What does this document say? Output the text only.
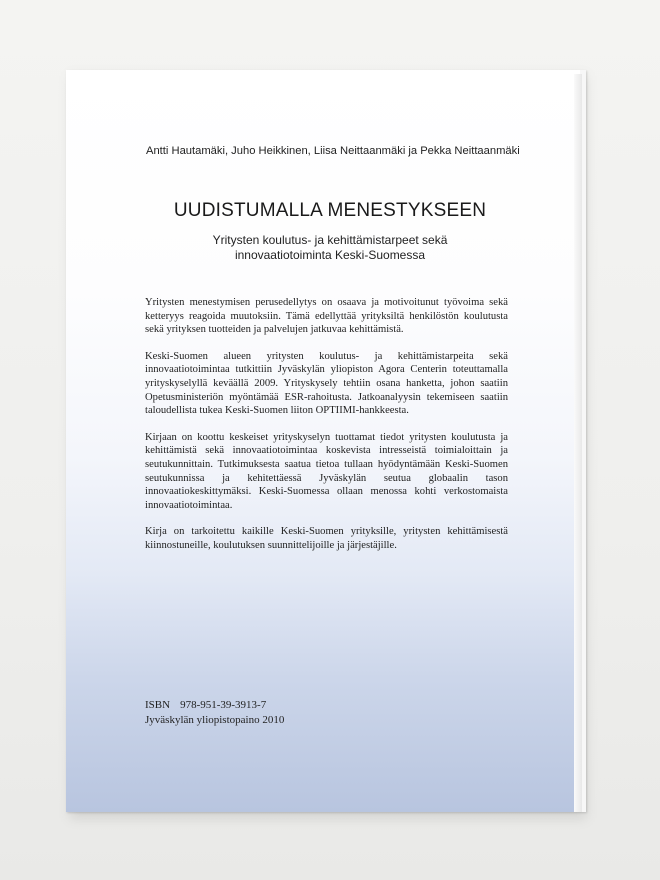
Antti Hautamäki, Juho Heikkinen, Liisa Neittaanmäki ja Pekka Neittaanmäki
UUDISTUMALLA MENESTYKSEEN
Yritysten koulutus- ja kehittämistarpeet sekä
innovaatiotoiminta Keski-Suomessa

Yritysten menestymisen perusedellytys on osaava ja motivoitunut työvoima sekä ketteryys reagoida muutoksiin. Tämä edellyttää yrityksiltä henkilöstön koulutusta sekä yrityksen tuotteiden ja palvelujen jatkuvaa kehittämistä.

Keski-Suomen alueen yritysten koulutus- ja kehittämistarpeita sekä innovaatiotoimintaa tutkittiin Jyväskylän yliopiston Agora Centerin toteuttamalla yrityskyselyllä keväällä 2009. Yrityskysely tehtiin osana hanketta, johon saatiin Opetusministeriön myöntämää ESR-rahoitusta. Jatkoanalyysin tekemiseen saatiin taloudellista tukea Keski-Suomen liiton OPTIIMI-hankkeesta.

Kirjaan on koottu keskeiset yrityskyselyn tuottamat tiedot yritysten koulutusta ja kehittämistä sekä innovaatiotoimintaa koskevista intresseistä toimialoittain ja seutukunnittain. Tutkimuksesta saatua tietoa tullaan hyödyntämään Keski-Suomen seutukunnissa ja kehitettäessä Jyväskylän seutua globaalin tason innovaatiokeskittymäksi. Keski-Suomessa ollaan menossa kohti verkostomaista innovaatiotoimintaa.

Kirja on tarkoitettu kaikille Keski-Suomen yrityksille, yritysten kehittämisestä kiinnostuneille, koulutuksen suunnittelijoille ja järjestäjille.

ISBN 978-951-39-3913-7
Jyväskylän yliopistopaino 2010
